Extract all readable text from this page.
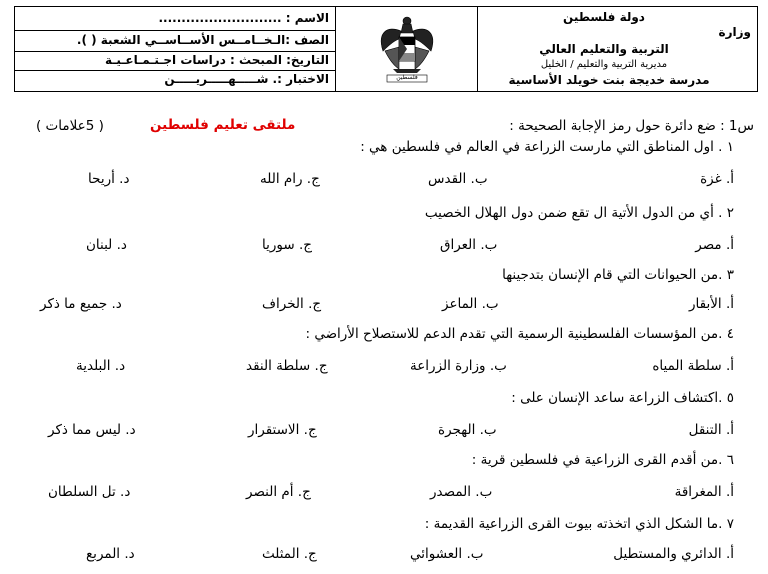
الاسم : ...........................
الصف :الـخــامــس الأســاســي الشعبة ( ).
التاريخ: المبحث : دراسات اجـتـمـاعـيـة
الاختبار :. شـــــهـــــريـــــن	فلسطين
دولة فلسطين
وزارة
التربية والتعليم العالي
مديرية التربية والتعليم / الخليل
مدرسة خديجة بنت خويلد الأساسية
س1 : ضع دائرة حول رمز الإجابة الصحيحة :
ملتقى تعليم فلسطين
( 5علامات )
١ . اول المناطق التي مارست الزراعة في العالم في فلسطين هي :
أ. غزة
ب. القدس
ج. رام الله
د. أريحا
٢ . أي من الدول الأتية ال تقع ضمن دول الهلال الخصيب
أ. مصر
ب. العراق
ج. سوريا
د. لبنان
٣ .من الحيوانات التي قام الإنسان بتدجينها
أ. الأبقار
ب. الماعز
ج. الخراف
د. جميع ما ذكر
٤ .من المؤسسات الفلسطينية الرسمية التي تقدم الدعم للاستصلاح الأراضي :
أ. سلطة المياه
ب. وزارة الزراعة
ج. سلطة النقد
د. البلدية
٥ .اكتشاف الزراعة ساعد الإنسان على :
أ. التنقل
ب. الهجرة
ج. الاستقرار
د. ليس مما ذكر
٦ .من أقدم القرى الزراعية في فلسطين قرية :
أ. المغراقة
ب. المصدر
ج. أم النصر
د. تل السلطان
٧ .ما الشكل الذي اتخذته بيوت القرى الزراعية القديمة :
أ. الدائري والمستطيل
ب. العشوائي
ج. المثلث
د. المربع
